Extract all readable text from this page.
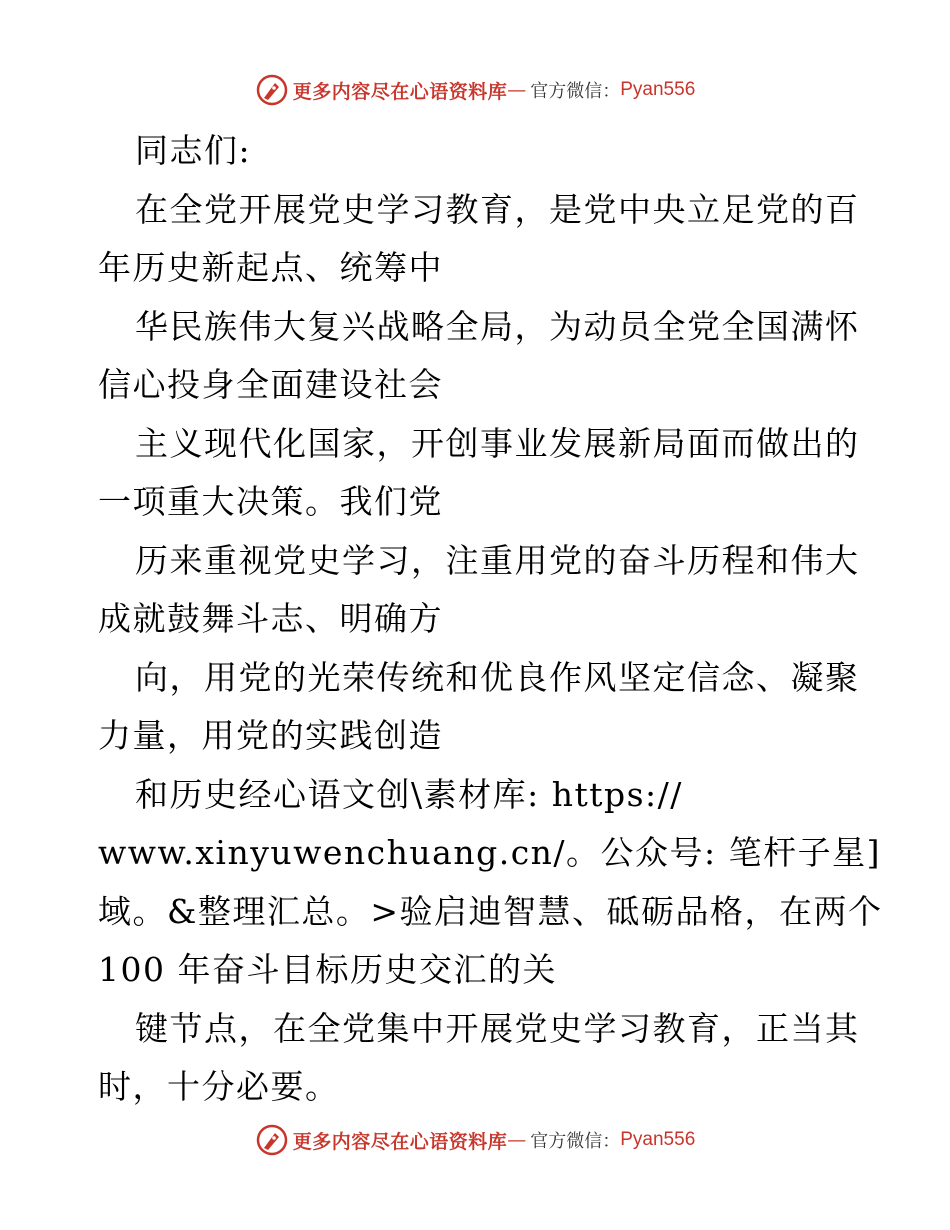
更多内容尽在心语资料库 — 官方微信： Pyan556
同志们:
在全党开展党史学习教育，是党中央立足党的百
年历史新起点、统筹中
华民族伟大复兴战略全局，为动员全党全国满怀
信心投身全面建设社会
主义现代化国家，开创事业发展新局面而做出的
一项重大决策。我们党
历来重视党史学习，注重用党的奋斗历程和伟大
成就鼓舞斗志、明确方
向，用党的光荣传统和优良作风坚定信念、凝聚
力量，用党的实践创造
和历史经心语文创\素材库: https://
www.xinyuwenchuang.cn/。公众号: 笔杆子星]
域。&整理汇总。>验启迪智慧、砥砺品格，在两个
100 年奋斗目标历史交汇的关
键节点，在全党集中开展党史学习教育，正当其
时，十分必要。
更多内容尽在心语资料库 — 官方微信： Pyan556
